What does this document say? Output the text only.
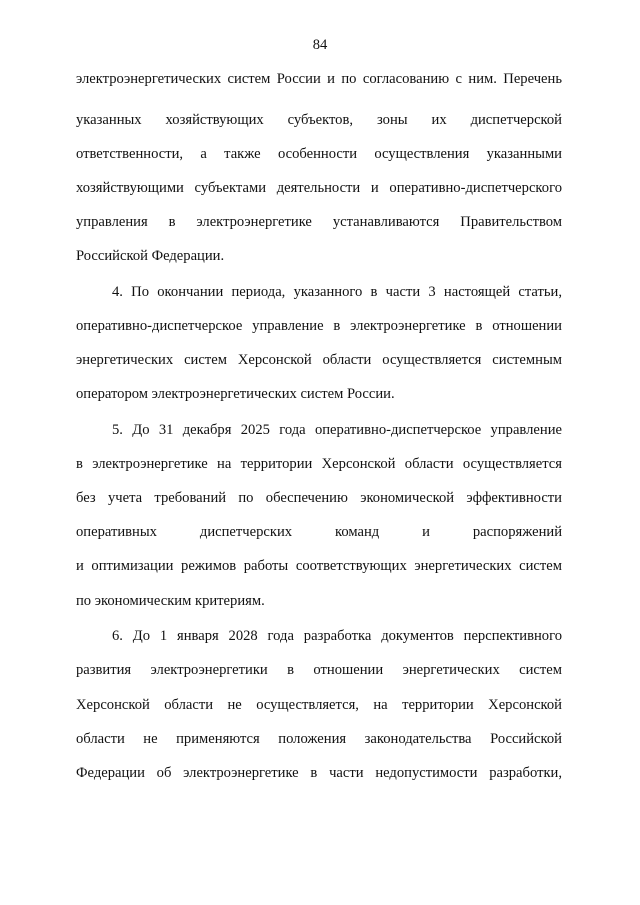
84
электроэнергетических систем России и по согласованию с ним. Перечень
указанных хозяйствующих субъектов, зоны их диспетчерской
ответственности, а также особенности осуществления указанными
хозяйствующими субъектами деятельности и оперативно-диспетчерского
управления в электроэнергетике устанавливаются Правительством
Российской Федерации.
4. По окончании периода, указанного в части 3 настоящей статьи,
оперативно-диспетчерское управление в электроэнергетике в отношении
энергетических систем Херсонской области осуществляется системным
оператором электроэнергетических систем России.
5. До 31 декабря 2025 года оперативно-диспетчерское управление
в электроэнергетике на территории Херсонской области осуществляется
без учета требований по обеспечению экономической эффективности
оперативных диспетчерских команд и распоряжений
и оптимизации режимов работы соответствующих энергетических систем
по экономическим критериям.
6. До 1 января 2028 года разработка документов перспективного
развития электроэнергетики в отношении энергетических систем
Херсонской области не осуществляется, на территории Херсонской
области не применяются положения законодательства Российской
Федерации об электроэнергетике в части недопустимости разработки,
